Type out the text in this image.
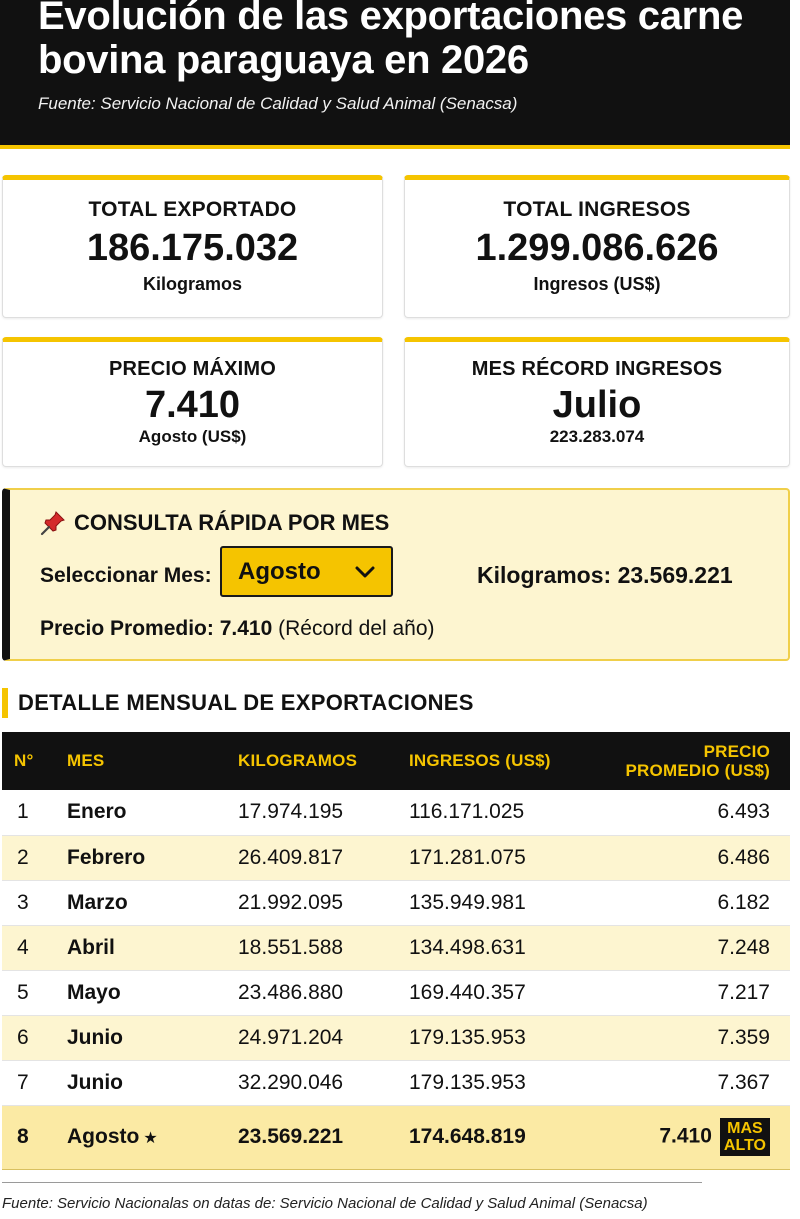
Evolución de las exportaciones carne bovina paraguaya en 2026
Fuente: Servicio Nacional de Calidad y Salud Animal (Senacsa)
TOTAL EXPORTADO
186.175.032
Kilogramos
TOTAL INGRESOS
1.299.086.626
Ingresos (US$)
PRECIO MÁXIMO
7.410
Agosto (US$)
MES RÉCORD INGRESOS
Julio
223.283.074
CONSULTA RÁPIDA POR MES
Seleccionar Mes: Agosto	Kilogramos: 23.569.221
Precio Promedio: 7.410 (Récord del año)
DETALLE MENSUAL DE EXPORTACIONES
N°	MES	KILOGRAMOS	INGRESOS (US$)	PRECIO
PROMEDIO (US$)

1	Enero	17.974.195	116.171.025	6.493
2	Febrero	26.409.817	171.281.075	6.486
3	Marzo	21.992.095	135.949.981	6.182
4	Abril	18.551.588	134.498.631	7.248
5	Mayo	23.486.880	169.440.357	7.217
6	Junio	24.971.204	179.135.953	7.359
7	Junio	32.290.046	179.135.953	7.367
8	Agosto ★	23.569.221	174.648.819	7.410 MAS
ALTO
Fuente: Servicio Nacionalas on datas de: Servicio Nacional de Calidad y Salud Animal (Senacsa)
